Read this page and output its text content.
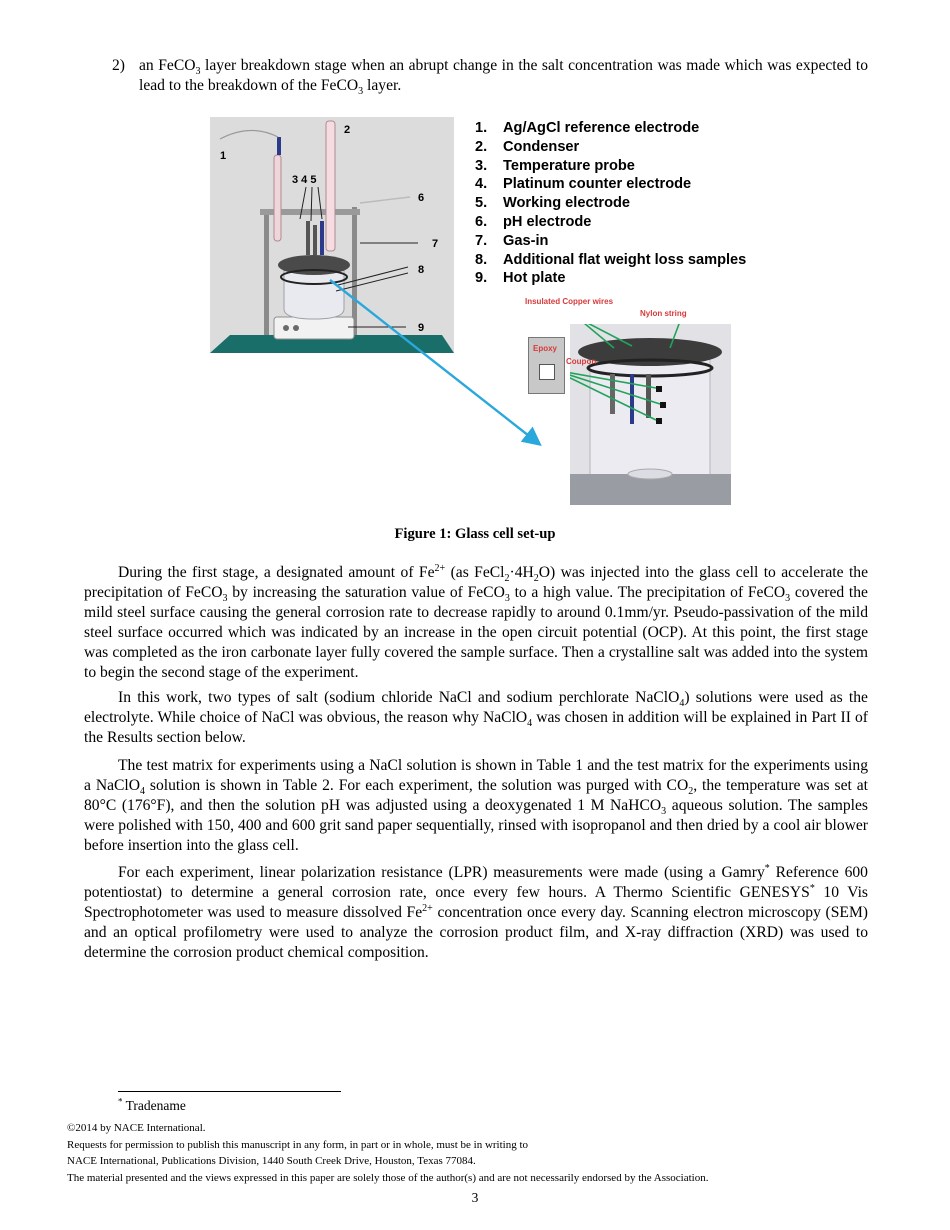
2) an FeCO$_3$ layer breakdown stage when an abrupt change in the salt concentration was made which was expected to lead to the breakdown of the FeCO$_3$ layer.
1
2
3 4 5
6
7
8
9
1. Ag/AgCl reference electrode
2. Condenser
3. Temperature probe
4. Platinum counter electrode
5. Working electrode
6. pH electrode
7. Gas-in
8. Additional flat weight loss samples
9. Hot plate
Epoxy
Insulated Copper wires
Nylon string
Coupon
Figure 1: Glass cell set-up

During the first stage, a designated amount of $Fe^{2+}$ (as $FeCl_2\cdot 4H_2O$) was injected into the glass cell to accelerate the precipitation of FeCO$_3$ by increasing the saturation value of FeCO$_3$ to a high value. The precipitation of FeCO$_3$ covered the mild steel surface causing the general corrosion rate to decrease rapidly to around 0.1mm/yr. Pseudo-passivation of the mild steel surface occurred which was indicated by an increase in the open circuit potential (OCP). At this point, the first stage was completed as the iron carbonate layer fully covered the sample surface. Then a crystalline salt was added into the system to begin the second stage of the experiment.

In this work, two types of salt (sodium chloride NaCl and sodium perchlorate NaClO$_4$) solutions were used as the electrolyte. While choice of NaCl was obvious, the reason why NaClO$_4$ was chosen in addition will be explained in Part II of the Results section below.

The test matrix for experiments using a NaCl solution is shown in Table 1 and the test matrix for the experiments using a NaClO$_4$ solution is shown in Table 2. For each experiment, the solution was purged with $CO_2$, the temperature was set at 80°C (176°F), and then the solution pH was adjusted using a deoxygenated 1 M NaHCO$_3$ aqueous solution. The samples were polished with 150, 400 and 600 grit sand paper sequentially, rinsed with isopropanol and then dried by a cool air blower before insertion into the glass cell.

For each experiment, linear polarization resistance (LPR) measurements were made (using a Gamry* Reference 600 potentiostat) to determine a general corrosion rate, once every few hours. A Thermo Scientific GENESYS* 10 Vis Spectrophotometer was used to measure dissolved $Fe^{2+}$ concentration once every day. Scanning electron microscopy (SEM) and an optical profilometry were used to analyze the corrosion product film, and X-ray diffraction (XRD) was used to determine the corrosion product chemical composition.

* Tradename
©2014 by NACE International.
Requests for permission to publish this manuscript in any form, in part or in whole, must be in writing to
NACE International, Publications Division, 1440 South Creek Drive, Houston, Texas 77084.
The material presented and the views expressed in this paper are solely those of the author(s) and are not necessarily endorsed by the Association.
3
